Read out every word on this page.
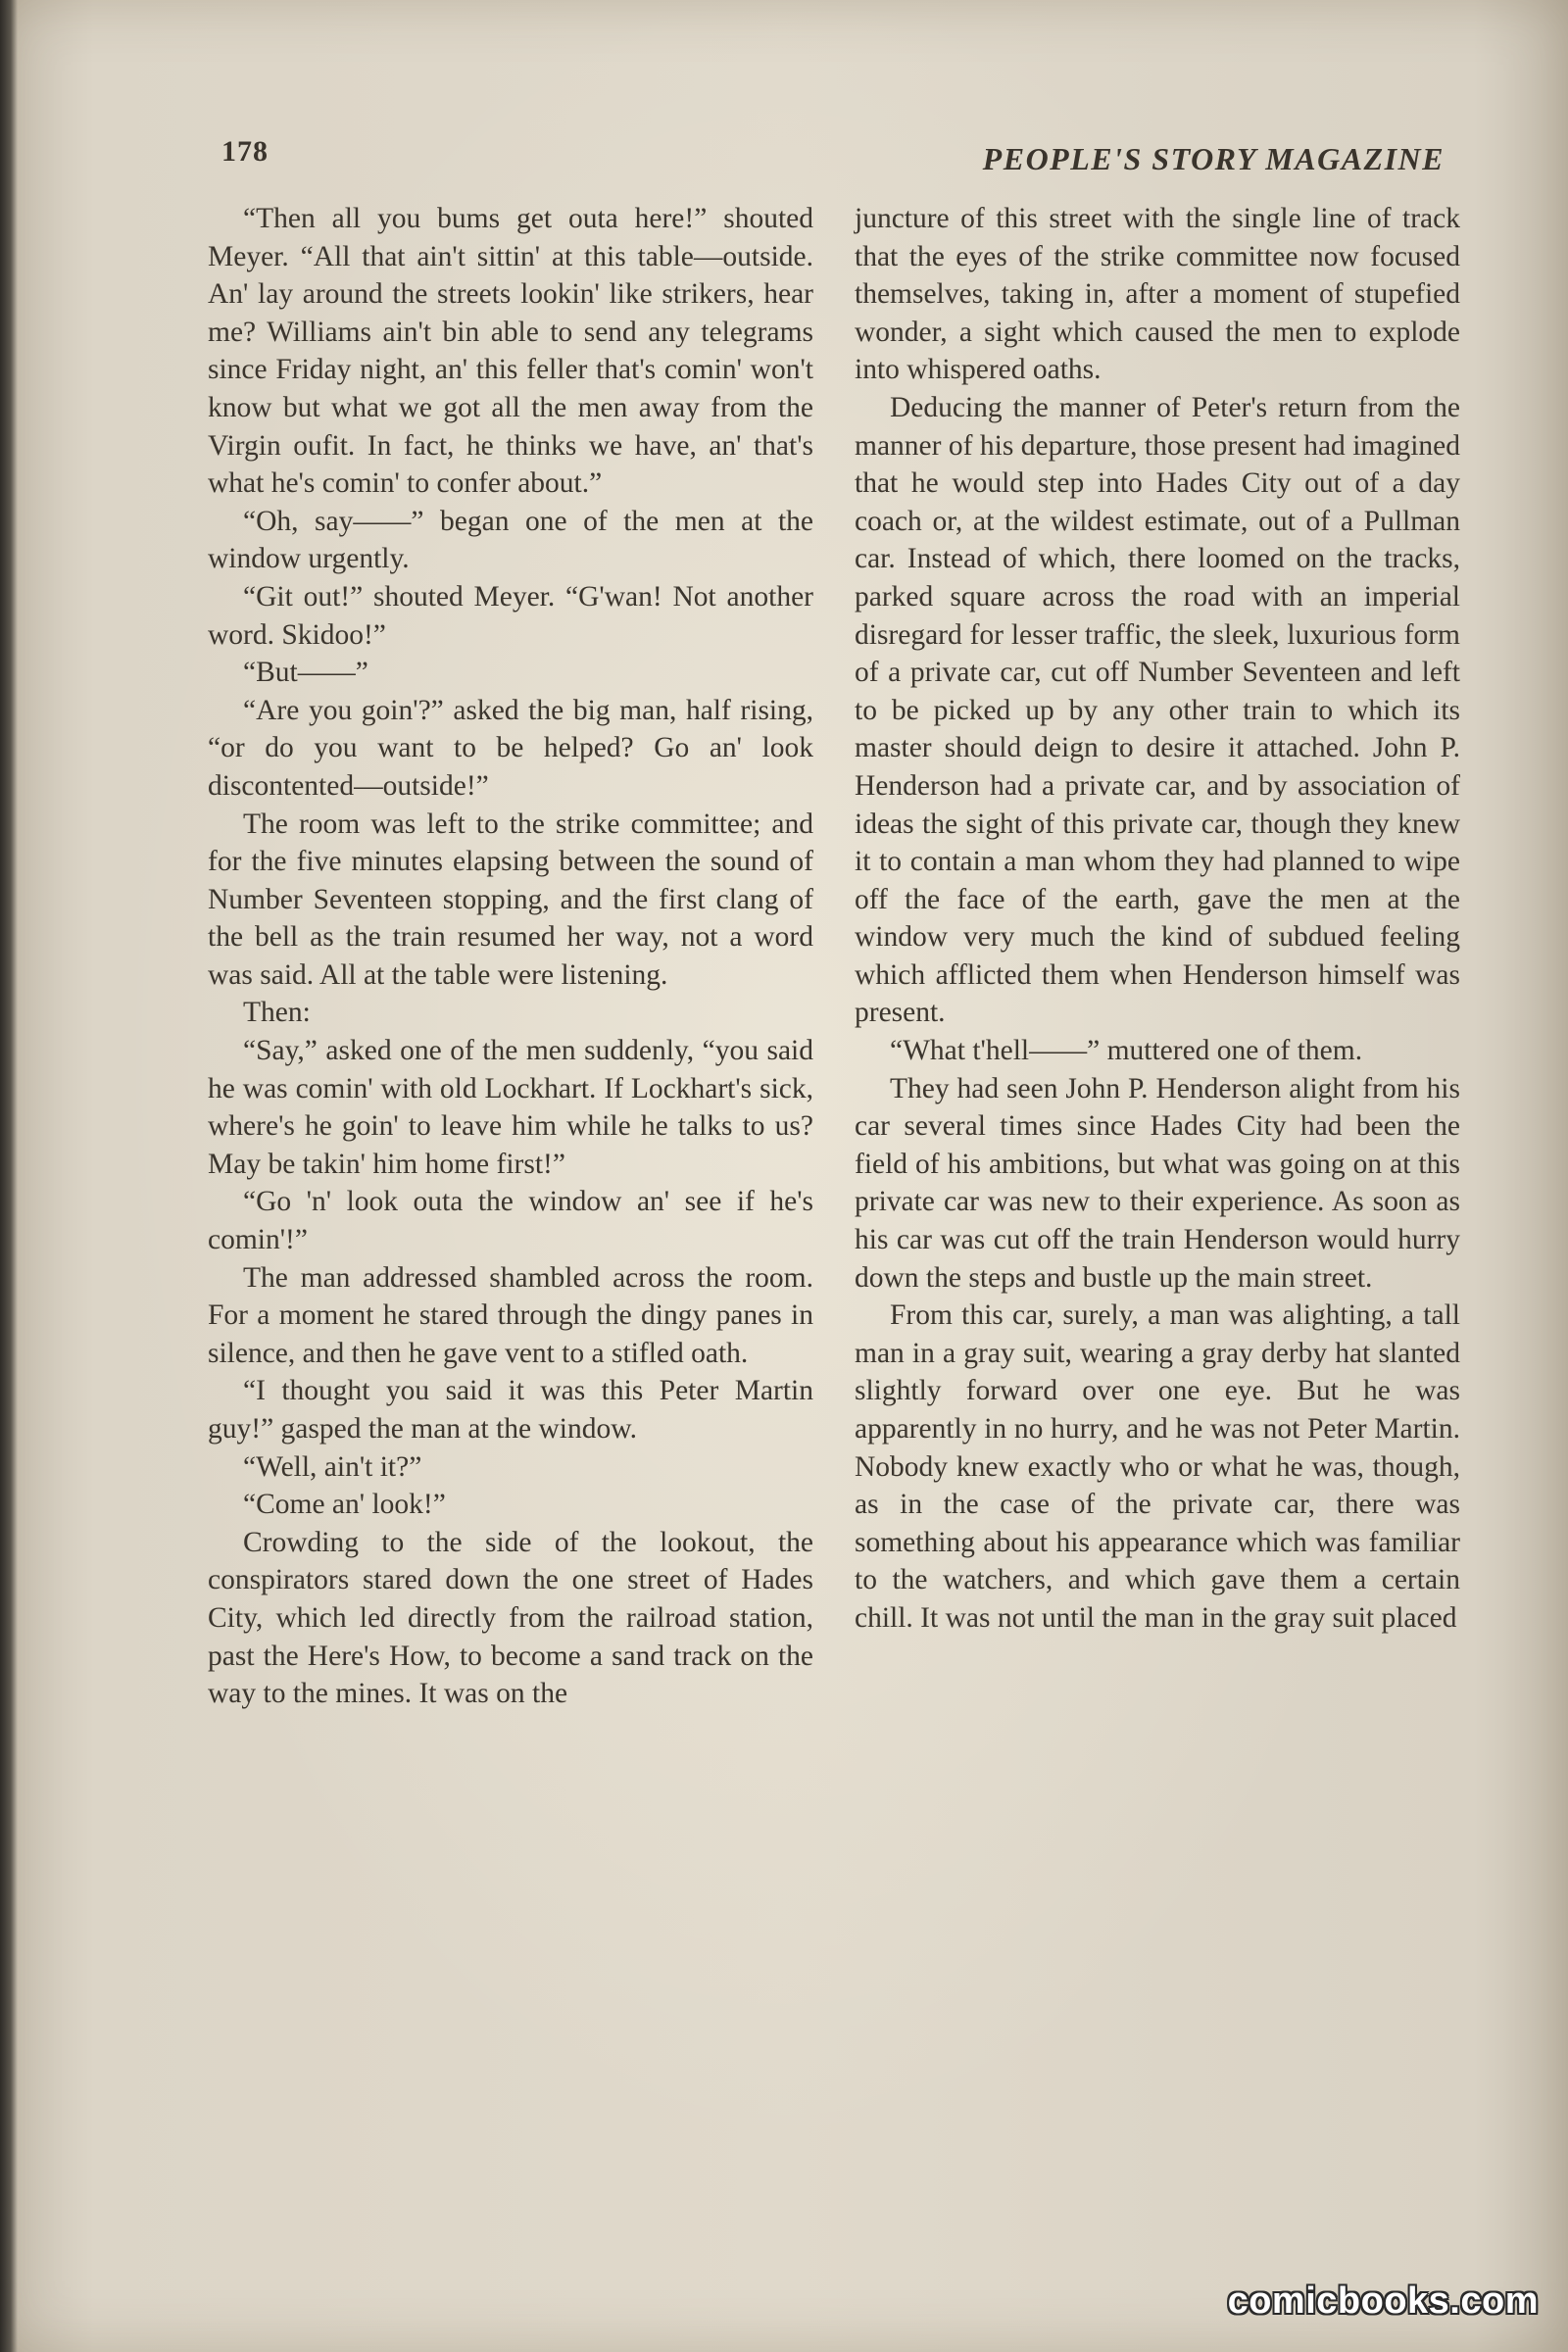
178	PEOPLE'S STORY MAGAZINE

“Then all you bums get outa here!” shouted Meyer. “All that ain't sittin' at this table—outside. An' lay around the streets lookin' like strikers, hear me? Williams ain't bin able to send any telegrams since Friday night, an' this feller that's comin' won't know but what we got all the men away from the Virgin oufit. In fact, he thinks we have, an' that's what he's comin' to confer about.”

“Oh, say——” began one of the men at the window urgently.

“Git out!” shouted Meyer. “G'wan! Not another word. Skidoo!”

“But——”

“Are you goin'?” asked the big man, half rising, “or do you want to be helped? Go an' look discontented—outside!”

The room was left to the strike committee; and for the five minutes elapsing between the sound of Number Seventeen stopping, and the first clang of the bell as the train resumed her way, not a word was said. All at the table were listening.

Then:

“Say,” asked one of the men suddenly, “you said he was comin' with old Lockhart. If Lockhart's sick, where's he goin' to leave him while he talks to us? May be takin' him home first!”

“Go 'n' look outa the window an' see if he's comin'!”

The man addressed shambled across the room. For a moment he stared through the dingy panes in silence, and then he gave vent to a stifled oath.

“I thought you said it was this Peter Martin guy!” gasped the man at the window.

“Well, ain't it?”

“Come an' look!”

Crowding to the side of the lookout, the conspirators stared down the one street of Hades City, which led directly from the railroad station, past the Here's How, to become a sand track on the way to the mines. It was on the

juncture of this street with the single line of track that the eyes of the strike committee now focused themselves, taking in, after a moment of stupefied wonder, a sight which caused the men to explode into whispered oaths.

Deducing the manner of Peter's return from the manner of his departure, those present had imagined that he would step into Hades City out of a day coach or, at the wildest estimate, out of a Pullman car. Instead of which, there loomed on the tracks, parked square across the road with an imperial disregard for lesser traffic, the sleek, luxurious form of a private car, cut off Number Seventeen and left to be picked up by any other train to which its master should deign to desire it attached. John P. Henderson had a private car, and by association of ideas the sight of this private car, though they knew it to contain a man whom they had planned to wipe off the face of the earth, gave the men at the window very much the kind of subdued feeling which afflicted them when Henderson himself was present.

“What t'hell——” muttered one of them.

They had seen John P. Henderson alight from his car several times since Hades City had been the field of his ambitions, but what was going on at this private car was new to their experience. As soon as his car was cut off the train Henderson would hurry down the steps and bustle up the main street.

From this car, surely, a man was alighting, a tall man in a gray suit, wearing a gray derby hat slanted slightly forward over one eye. But he was apparently in no hurry, and he was not Peter Martin. Nobody knew exactly who or what he was, though, as in the case of the private car, there was something about his appearance which was familiar to the watchers, and which gave them a certain chill. It was not until the man in the gray suit placed

comicbooks.com
